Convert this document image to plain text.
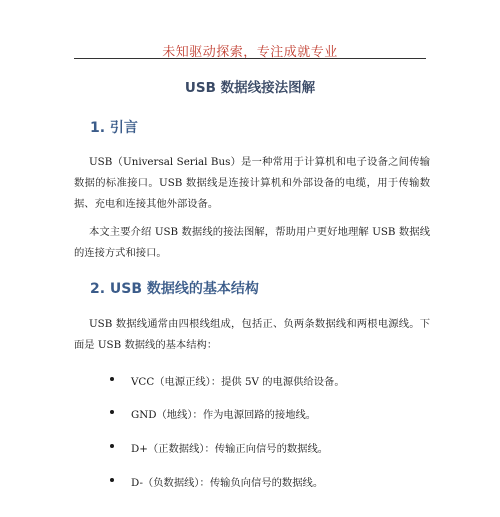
未知驱动探索，专注成就专业
USB 数据线接法图解
1. 引言
USB（Universal Serial Bus）是一种常用于计算机和电子设备之间传输数据的标准接口。USB 数据线是连接计算机和外部设备的电缆，用于传输数据、充电和连接其他外部设备。
本文主要介绍 USB 数据线的接法图解，帮助用户更好地理解 USB 数据线的连接方式和接口。
2. USB 数据线的基本结构
USB 数据线通常由四根线组成，包括正、负两条数据线和两根电源线。下面是 USB 数据线的基本结构：
VCC（电源正线）：提供 5V 的电源供给设备。
GND（地线）：作为电源回路的接地线。
D+（正数据线）：传输正向信号的数据线。
D-（负数据线）：传输负向信号的数据线。
